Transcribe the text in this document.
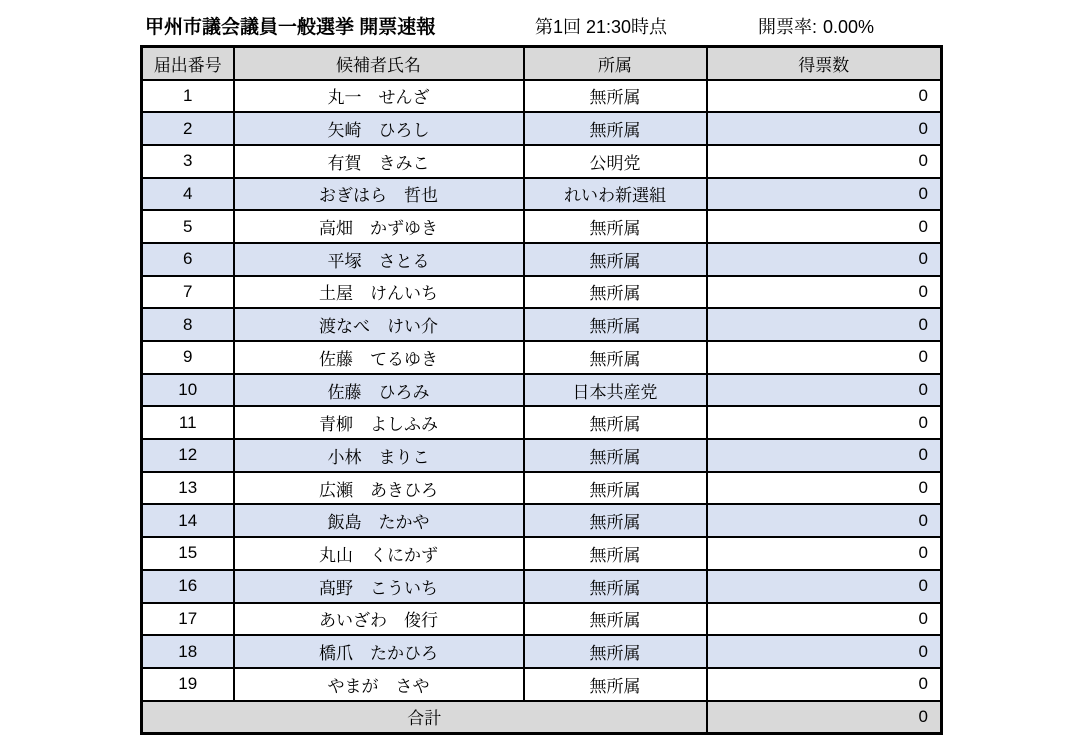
甲州市議会議員一般選挙 開票速報	第1回 21:30時点	開票率: 0.00%
届出番号	候補者氏名	所属	得票数
1	丸一　せんざ	無所属	0
2	矢崎　ひろし	無所属	0
3	有賀　きみこ	公明党	0
4	おぎはら　哲也	れいわ新選組	0
5	高畑　かずゆき	無所属	0
6	平塚　さとる	無所属	0
7	土屋　けんいち	無所属	0
8	渡なべ　けい介	無所属	0
9	佐藤　てるゆき	無所属	0
10	佐藤　ひろみ	日本共産党	0
11	青柳　よしふみ	無所属	0
12	小林　まりこ	無所属	0
13	広瀬　あきひろ	無所属	0
14	飯島　たかや	無所属	0
15	丸山　くにかず	無所属	0
16	髙野　こういち	無所属	0
17	あいざわ　俊行	無所属	0
18	橋爪　たかひろ	無所属	0
19	やまが　さや	無所属	0
合計			0
